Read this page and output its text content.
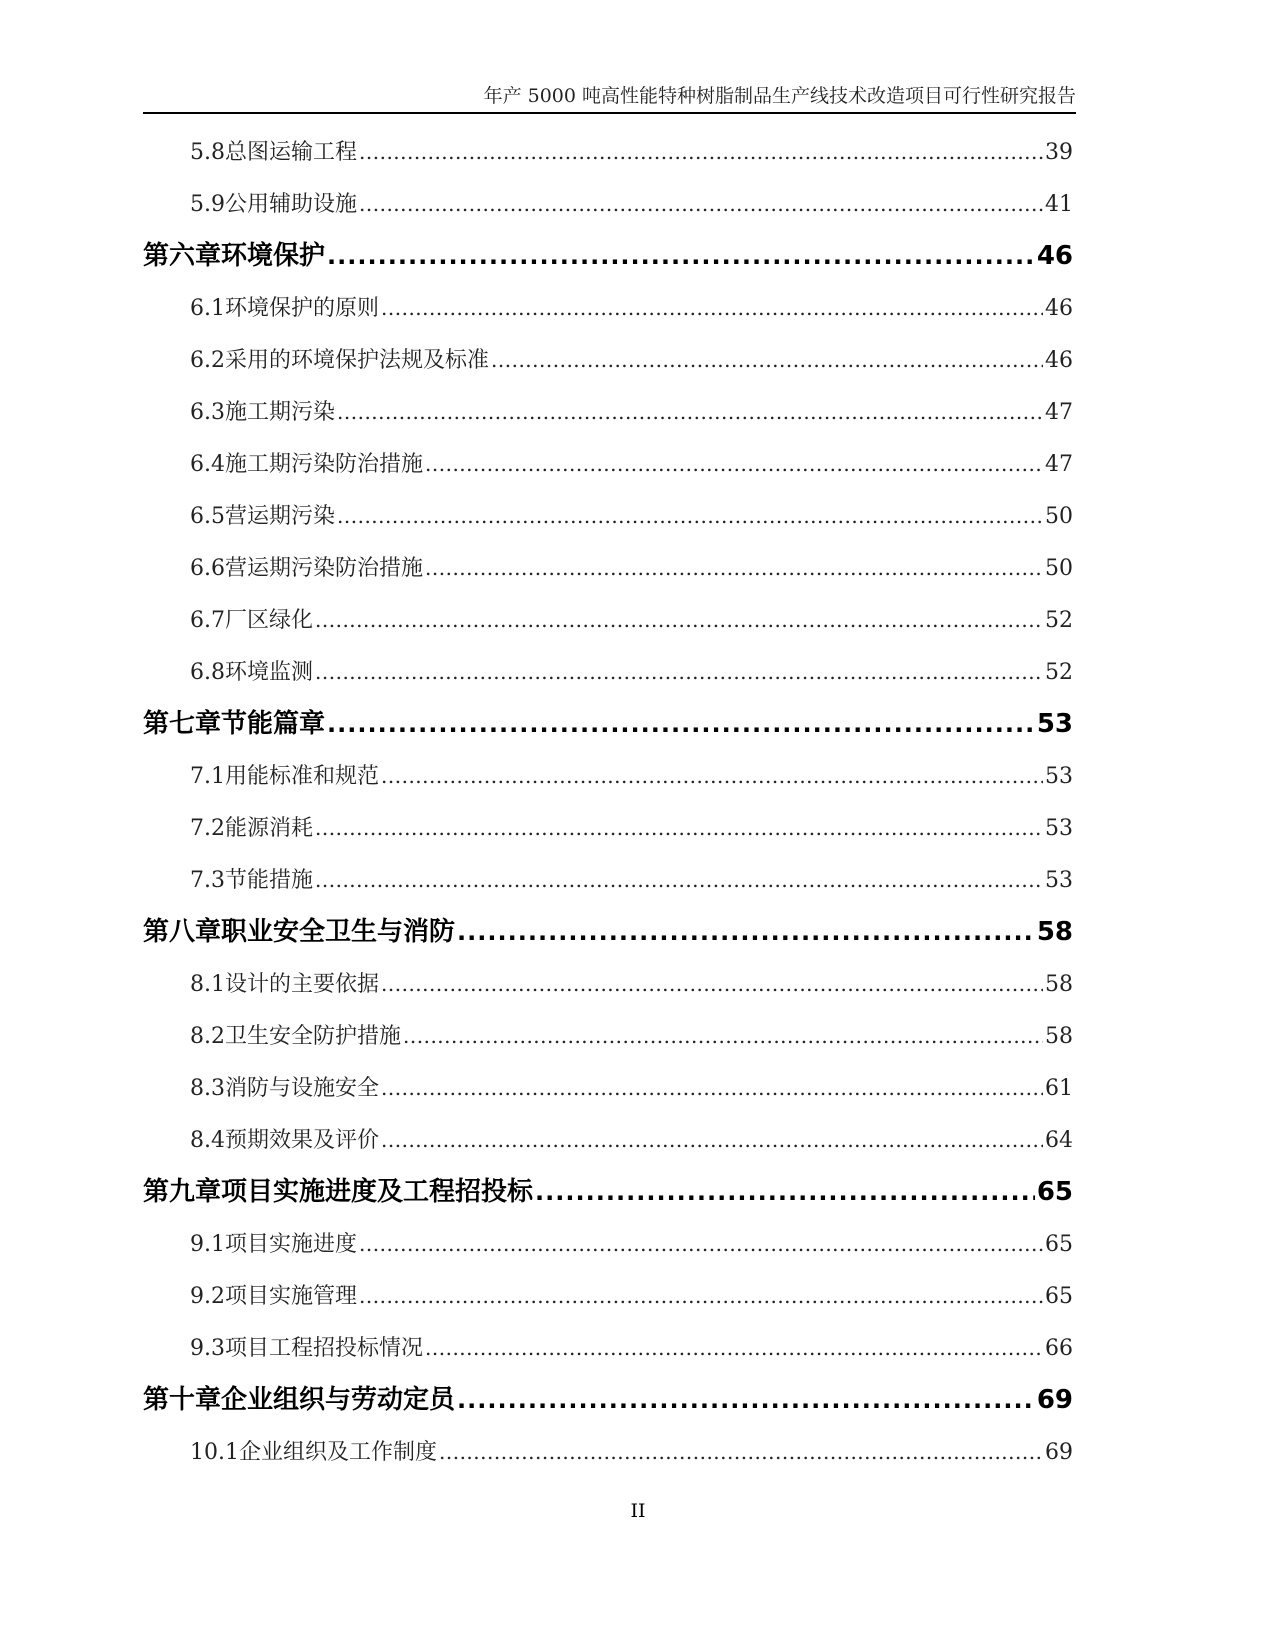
年产 5000 吨高性能特种树脂制品生产线技术改造项目可行性研究报告
5.8 总图运输工程 .....	39
5.9 公用辅助设施 .....	41
第六章 环境保护 .....	46
6.1 环境保护的原则 .....	46
6.2 采用的环境保护法规及标准 .....	46
6.3 施工期污染 .....	47
6.4 施工期污染防治措施 .....	47
6.5 营运期污染 .....	50
6.6 营运期污染防治措施 .....	50
6.7 厂区绿化 .....	52
6.8 环境监测 .....	52
第七章 节能篇章 .....	53
7.1 用能标准和规范 .....	53
7.2 能源消耗 .....	53
7.3 节能措施 .....	53
第八章 职业安全卫生与消防 .....	58
8.1 设计的主要依据 .....	58
8.2 卫生安全防护措施 .....	58
8.3 消防与设施安全 .....	61
8.4 预期效果及评价 .....	64
第九章 项目实施进度及工程招投标 .....	65
9.1 项目实施进度 .....	65
9.2 项目实施管理 .....	65
9.3 项目工程招投标情况 .....	66
第十章 企业组织与劳动定员 .....	69
10.1 企业组织及工作制度 .....	69
II
